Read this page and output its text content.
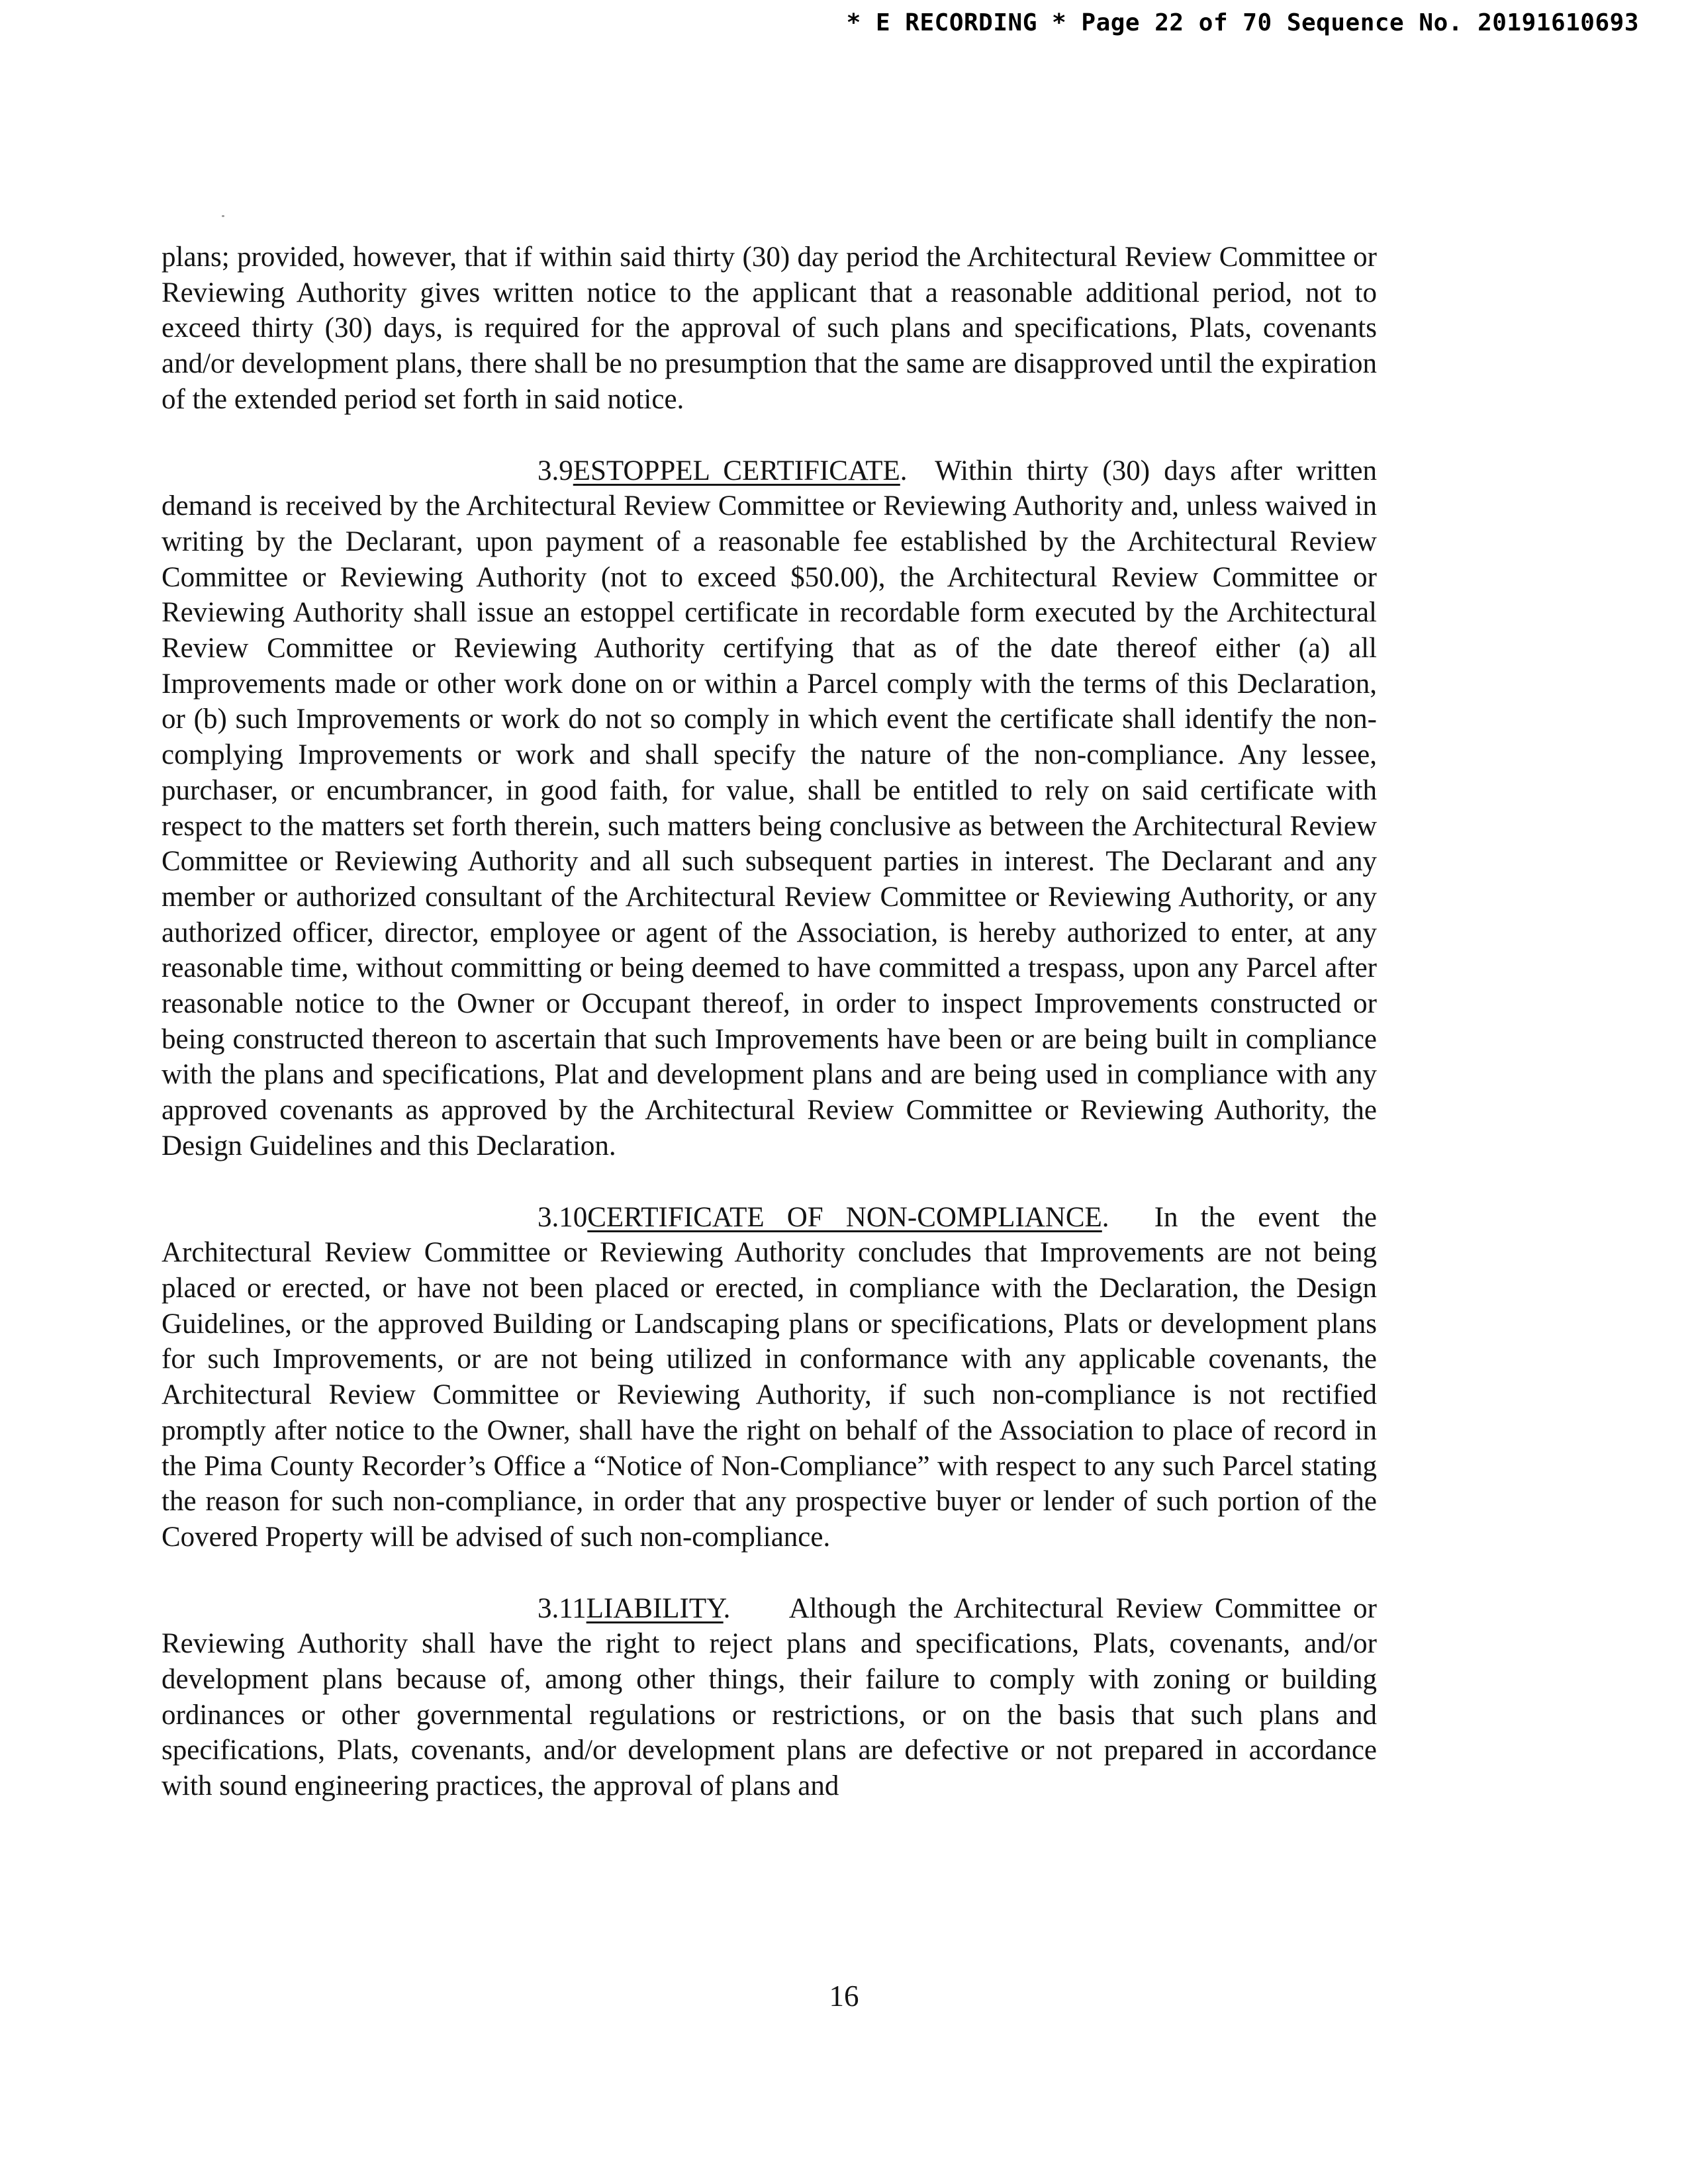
* E RECORDING * Page 22 of 70 Sequence No. 20191610693

plans; provided, however, that if within said thirty (30) day period the Architectural Review Committee or Reviewing Authority gives written notice to the applicant that a reasonable additional period, not to exceed thirty (30) days, is required for the approval of such plans and specifications, Plats, covenants and/or development plans, there shall be no presumption that the same are disapproved until the expiration of the extended period set forth in said notice.

3.9ESTOPPEL CERTIFICATE.  Within thirty (30) days after written demand is received by the Architectural Review Committee or Reviewing Authority and, unless waived in writing by the Declarant, upon payment of a reasonable fee established by the Architectural Review Committee or Reviewing Authority (not to exceed $50.00), the Architectural Review Committee or Reviewing Authority shall issue an estoppel certificate in recordable form executed by the Architectural Review Committee or Reviewing Authority certifying that as of the date thereof either (a) all Improvements made or other work done on or within a Parcel comply with the terms of this Declaration, or (b) such Improvements or work do not so comply in which event the certificate shall identify the non-complying Improvements or work and shall specify the nature of the non-compliance. Any lessee, purchaser, or encumbrancer, in good faith, for value, shall be entitled to rely on said certificate with respect to the matters set forth therein, such matters being conclusive as between the Architectural Review Committee or Reviewing Authority and all such subsequent parties in interest. The Declarant and any member or authorized consultant of the Architectural Review Committee or Reviewing Authority, or any authorized officer, director, employee or agent of the Association, is hereby authorized to enter, at any reasonable time, without committing or being deemed to have committed a trespass, upon any Parcel after reasonable notice to the Owner or Occupant thereof, in order to inspect Improvements constructed or being constructed thereon to ascertain that such Improvements have been or are being built in compliance with the plans and specifications, Plat and development plans and are being used in compliance with any approved covenants as approved by the Architectural Review Committee or Reviewing Authority, the Design Guidelines and this Declaration.

3.10CERTIFICATE OF NON-COMPLIANCE.  In the event the Architectural Review Committee or Reviewing Authority concludes that Improvements are not being placed or erected, or have not been placed or erected, in compliance with the Declaration, the Design Guidelines, or the approved Building or Landscaping plans or specifications, Plats or development plans for such Improvements, or are not being utilized in conformance with any applicable covenants, the Architectural Review Committee or Reviewing Authority, if such non-compliance is not rectified promptly after notice to the Owner, shall have the right on behalf of the Association to place of record in the Pima County Recorder’s Office a “Notice of Non-Compliance” with respect to any such Parcel stating the reason for such non-compliance, in order that any prospective buyer or lender of such portion of the Covered Property will be advised of such non-compliance.

3.11LIABILITY.     Although the Architectural Review Committee or Reviewing Authority shall have the right to reject plans and specifications, Plats, covenants, and/or development plans because of, among other things, their failure to comply with zoning or building ordinances or other governmental regulations or restrictions, or on the basis that such plans and specifications, Plats, covenants, and/or development plans are defective or not prepared in accordance with sound engineering practices, the approval of plans and

16
